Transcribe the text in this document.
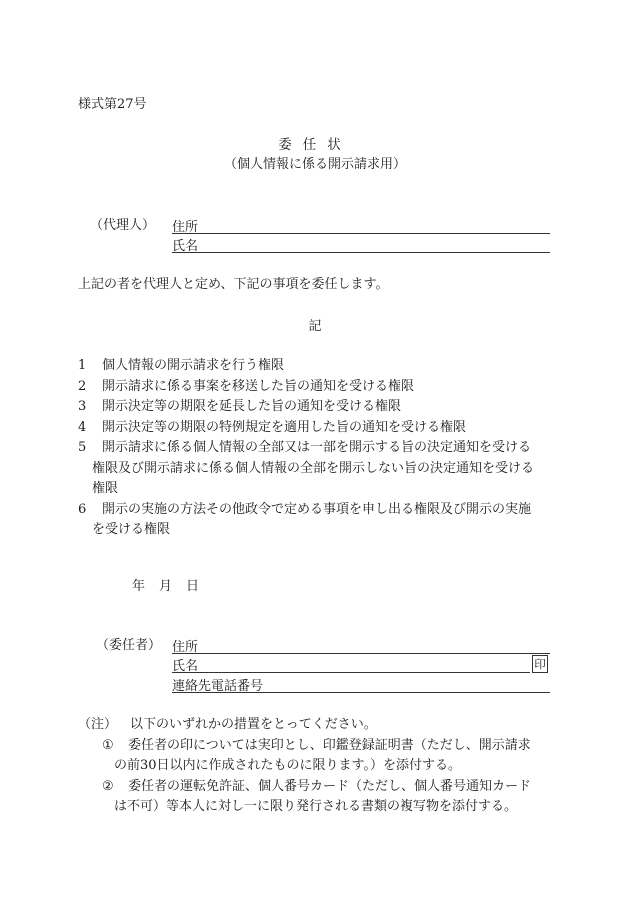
様式第27号
委任状
（個人情報に係る開示請求用）
（代理人） 住所
氏名
上記の者を代理人と定め、下記の事項を委任します。
記
1	個人情報の開示請求を行う権限
2	開示請求に係る事案を移送した旨の通知を受ける権限
3	開示決定等の期限を延長した旨の通知を受ける権限
4	開示決定等の期限の特例規定を適用した旨の通知を受ける権限
5	開示請求に係る個人情報の全部又は一部を開示する旨の決定通知を受ける
権限及び開示請求に係る個人情報の全部を開示しない旨の決定通知を受ける
権限
6	開示の実施の方法その他政令で定める事項を申し出る権限及び開示の実施
を受ける権限
年 月 日
（委任者） 住所
氏名	印
連絡先電話番号
（注） 以下のいずれかの措置をとってください。
①	委任者の印については実印とし、印鑑登録証明書（ただし、開示請求
の前30日以内に作成されたものに限ります。）を添付する。
②	委任者の運転免許証、個人番号カード（ただし、個人番号通知カード
は不可）等本人に対し一に限り発行される書類の複写物を添付する。
